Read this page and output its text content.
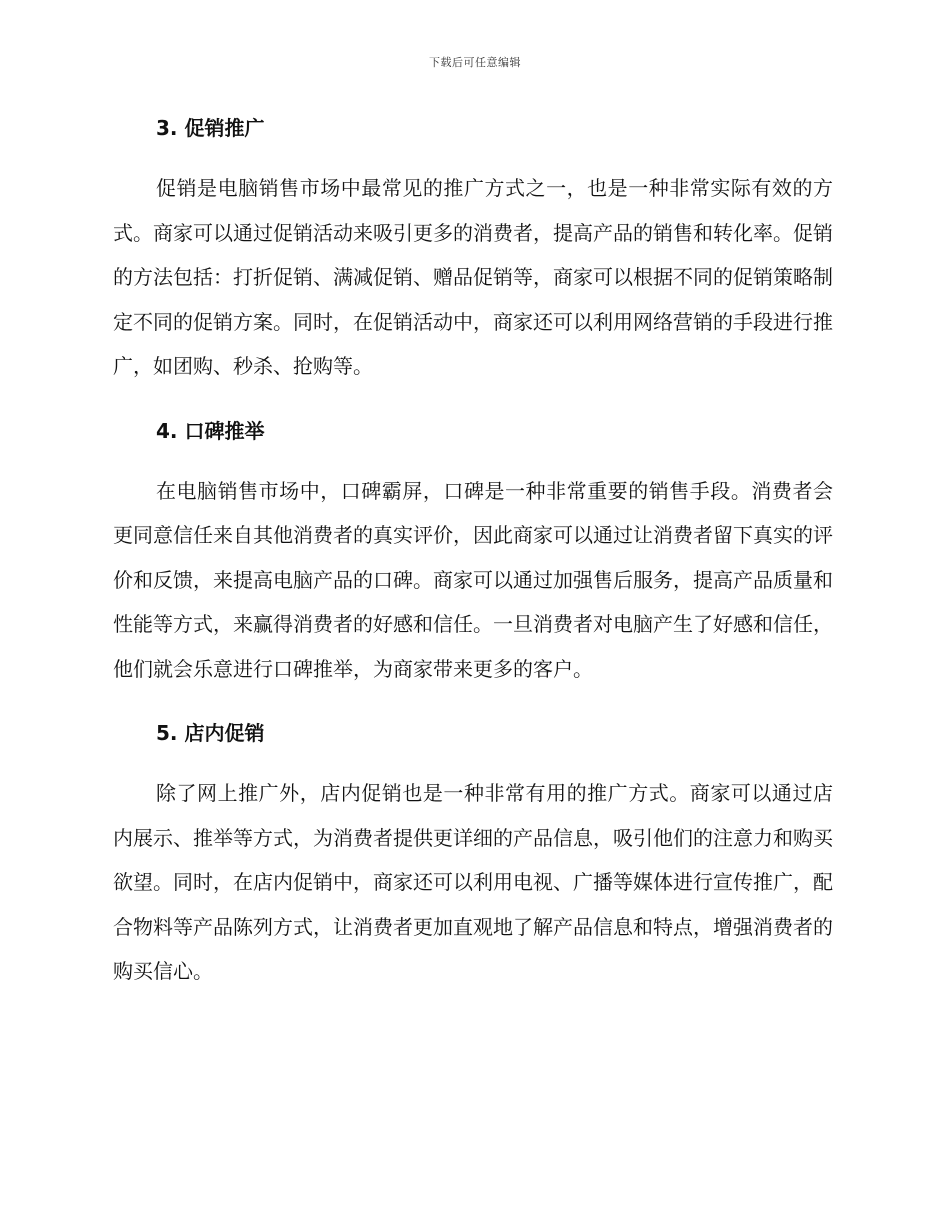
下载后可任意编辑
3. 促销推广

促销是电脑销售市场中最常见的推广方式之一，也是一种非常实际有效的方式。商家可以通过促销活动来吸引更多的消费者，提高产品的销售和转化率。促销的方法包括：打折促销、满减促销、赠品促销等，商家可以根据不同的促销策略制定不同的促销方案。同时，在促销活动中，商家还可以利用网络营销的手段进行推广，如团购、秒杀、抢购等。

4. 口碑推举

在电脑销售市场中，口碑霸屏，口碑是一种非常重要的销售手段。消费者会更同意信任来自其他消费者的真实评价，因此商家可以通过让消费者留下真实的评价和反馈，来提高电脑产品的口碑。商家可以通过加强售后服务，提高产品质量和性能等方式，来赢得消费者的好感和信任。一旦消费者对电脑产生了好感和信任，他们就会乐意进行口碑推举，为商家带来更多的客户。

5. 店内促销

除了网上推广外，店内促销也是一种非常有用的推广方式。商家可以通过店内展示、推举等方式，为消费者提供更详细的产品信息，吸引他们的注意力和购买欲望。同时，在店内促销中，商家还可以利用电视、广播等媒体进行宣传推广，配合物料等产品陈列方式，让消费者更加直观地了解产品信息和特点，增强消费者的购买信心。
